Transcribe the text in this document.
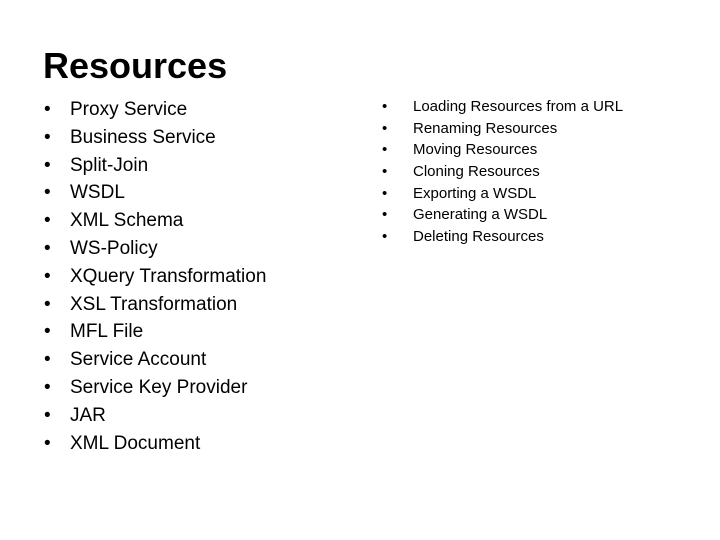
Resources
• Proxy Service
• Business Service
• Split-Join
• WSDL
• XML Schema
• WS-Policy
• XQuery Transformation
• XSL Transformation
• MFL File
• Service Account
• Service Key Provider
• JAR
• XML Document
• Loading Resources from a URL
• Renaming Resources
• Moving Resources
• Cloning Resources
• Exporting a WSDL
• Generating a WSDL
• Deleting Resources
